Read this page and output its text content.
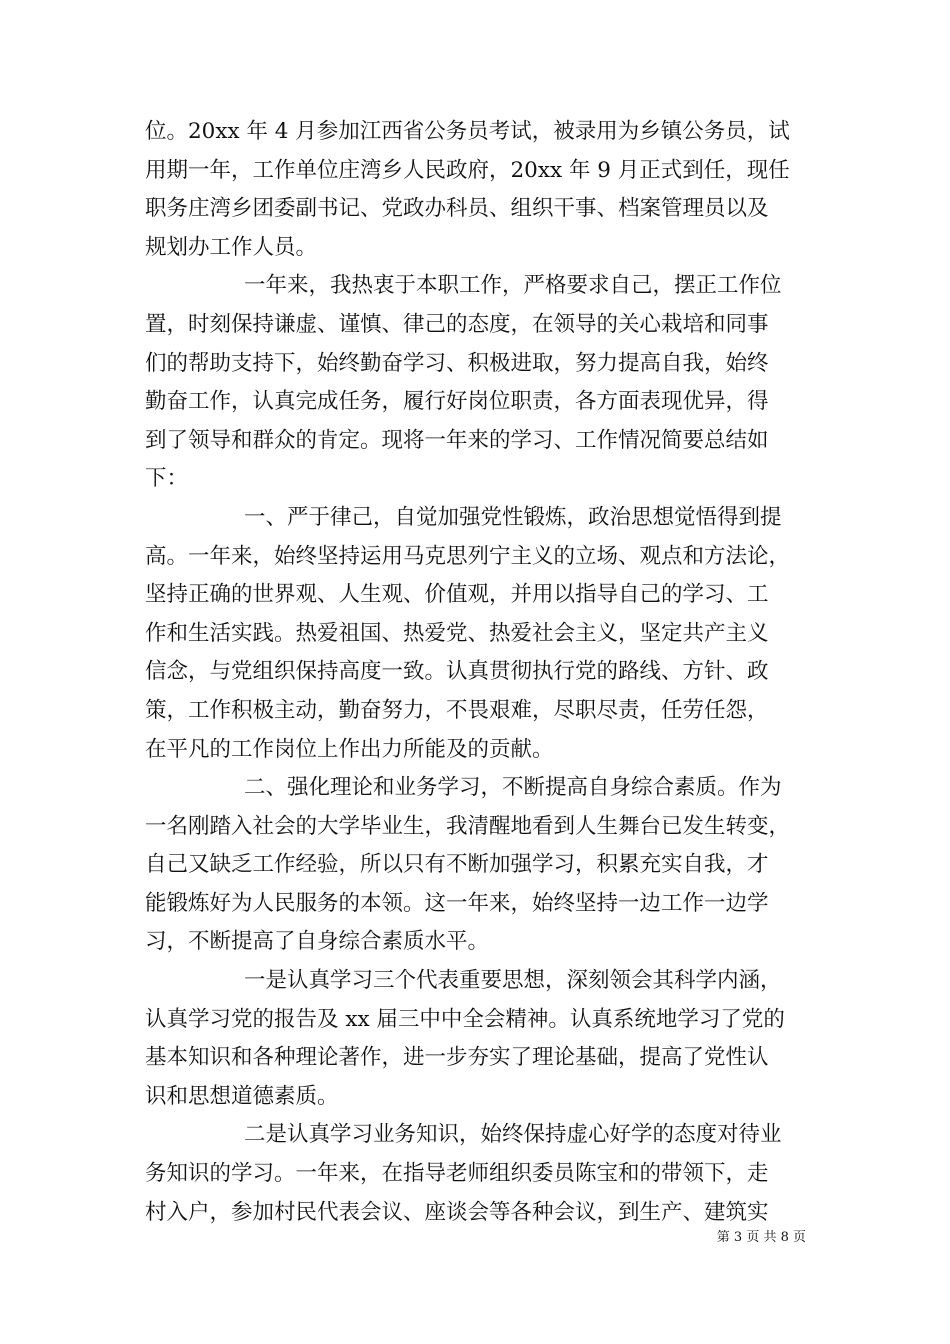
位。20xx 年 4 月参加江西省公务员考试，被录用为乡镇公务员，试
用期一年，工作单位庄湾乡人民政府，20xx 年 9 月正式到任，现任
职务庄湾乡团委副书记、党政办科员、组织干事、档案管理员以及
规划办工作人员。
一年来，我热衷于本职工作，严格要求自己，摆正工作位
置，时刻保持谦虚、谨慎、律己的态度，在领导的关心栽培和同事
们的帮助支持下，始终勤奋学习、积极进取，努力提高自我，始终
勤奋工作，认真完成任务，履行好岗位职责，各方面表现优异，得
到了领导和群众的肯定。现将一年来的学习、工作情况简要总结如
下：
一、严于律己，自觉加强党性锻炼，政治思想觉悟得到提
高。一年来，始终坚持运用马克思列宁主义的立场、观点和方法论，
坚持正确的世界观、人生观、价值观，并用以指导自己的学习、工
作和生活实践。热爱祖国、热爱党、热爱社会主义，坚定共产主义
信念，与党组织保持高度一致。认真贯彻执行党的路线、方针、政
策，工作积极主动，勤奋努力，不畏艰难，尽职尽责，任劳任怨，
在平凡的工作岗位上作出力所能及的贡献。
二、强化理论和业务学习，不断提高自身综合素质。作为
一名刚踏入社会的大学毕业生，我清醒地看到人生舞台已发生转变，
自己又缺乏工作经验，所以只有不断加强学习，积累充实自我，才
能锻炼好为人民服务的本领。这一年来，始终坚持一边工作一边学
习，不断提高了自身综合素质水平。
一是认真学习三个代表重要思想，深刻领会其科学内涵，
认真学习党的报告及 xx 届三中中全会精神。认真系统地学习了党的
基本知识和各种理论著作，进一步夯实了理论基础，提高了党性认
识和思想道德素质。
二是认真学习业务知识，始终保持虚心好学的态度对待业
务知识的学习。一年来，在指导老师组织委员陈宝和的带领下，走
村入户，参加村民代表会议、座谈会等各种会议，到生产、建筑实
第 3 页 共 8 页
